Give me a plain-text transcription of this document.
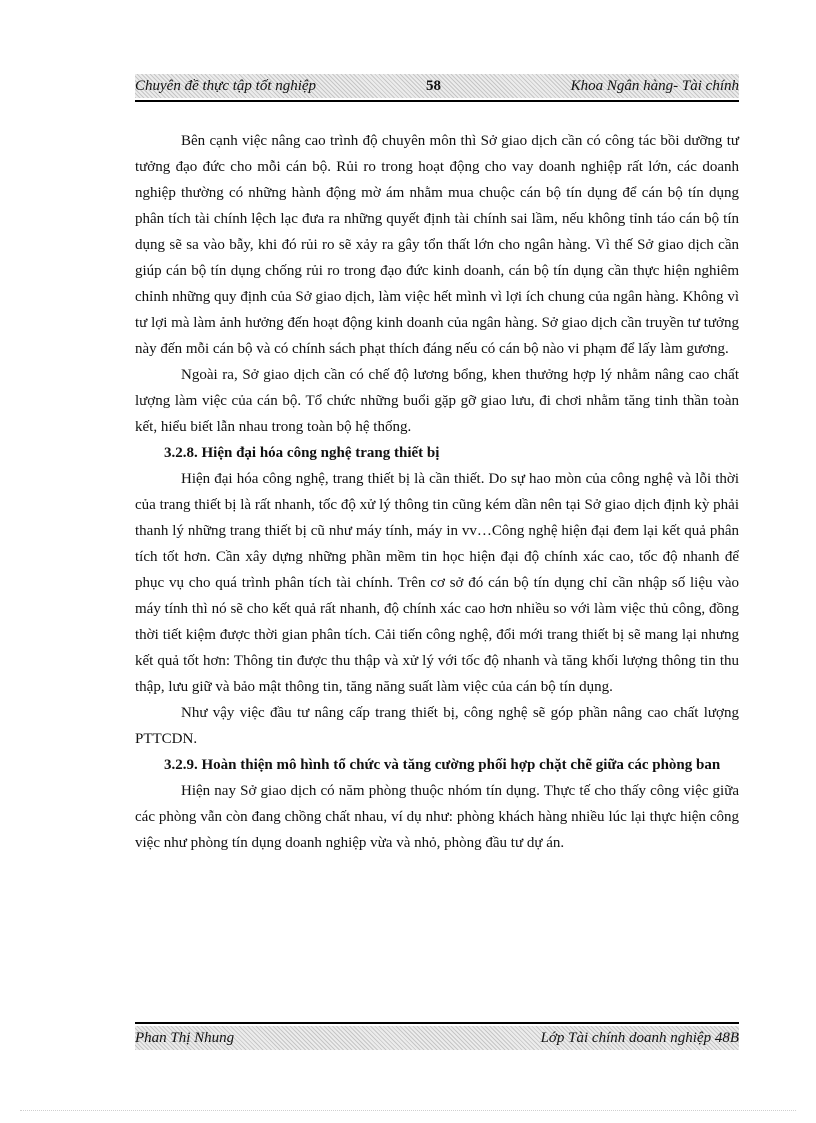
Chuyên đề thực tập tốt nghiệp	58	Khoa Ngân hàng- Tài chính

Bên cạnh việc nâng cao trình độ chuyên môn thì Sở giao dịch cần có công tác bồi dưỡng tư tưởng đạo đức cho mỗi cán bộ. Rủi ro trong hoạt động cho vay doanh nghiệp rất lớn, các doanh nghiệp thường có những hành động mờ ám nhằm mua chuộc cán bộ tín dụng để cán bộ tín dụng phân tích tài chính lệch lạc đưa ra những quyết định tài chính sai lầm, nếu không tỉnh táo cán bộ tín dụng sẽ sa vào bẫy, khi đó rủi ro sẽ xảy ra gây tổn thất lớn cho ngân hàng. Vì thế Sở giao dịch cần giúp cán bộ tín dụng chống rủi ro trong đạo đức kinh doanh, cán bộ tín dụng cần thực hiện nghiêm chỉnh những quy định của Sở giao dịch, làm việc hết mình vì lợi ích chung của ngân hàng. Không vì tư lợi mà làm ảnh hưởng đến hoạt động kinh doanh của ngân hàng. Sở giao dịch cần truyền tư tưởng này đến mỗi cán bộ và có chính sách phạt thích đáng nếu có cán bộ nào vi phạm để lấy làm gương.

Ngoài ra, Sở giao dịch cần có chế độ lương bổng, khen thưởng hợp lý nhằm nâng cao chất lượng làm việc của cán bộ. Tổ chức những buổi gặp gỡ giao lưu, đi chơi nhằm tăng tinh thần toàn kết, hiểu biết lẫn nhau trong toàn bộ hệ thống.

3.2.8. Hiện đại hóa công nghệ trang thiết bị

Hiện đại hóa công nghệ, trang thiết bị là cần thiết. Do sự hao mòn của công nghệ và lỗi thời của trang thiết bị là rất nhanh, tốc độ xử lý thông tin cũng kém dần nên tại Sở giao dịch định kỳ phải thanh lý những trang thiết bị cũ như máy tính, máy in vv…Công nghệ hiện đại đem lại kết quả phân tích tốt hơn. Cần xây dựng những phần mềm tin học hiện đại độ chính xác cao, tốc độ nhanh để phục vụ cho quá trình phân tích tài chính. Trên cơ sở đó cán bộ tín dụng chỉ cần nhập số liệu vào máy tính thì nó sẽ cho kết quả rất nhanh, độ chính xác cao hơn nhiều so với làm việc thủ công, đồng thời tiết kiệm được thời gian phân tích. Cải tiến công nghệ, đổi mới trang thiết bị sẽ mang lại nhưng kết quả tốt hơn: Thông tin được thu thập và xử lý với tốc độ nhanh và tăng khối lượng thông tin thu thập, lưu giữ và bảo mật thông tin, tăng năng suất làm việc của cán bộ tín dụng.

Như vậy việc đầu tư nâng cấp trang thiết bị, công nghệ sẽ góp phần nâng cao chất lượng PTTCDN.

3.2.9. Hoàn thiện mô hình tổ chức và tăng cường phối hợp chặt chẽ giữa các phòng ban

Hiện nay Sở giao dịch có năm phòng thuộc nhóm tín dụng. Thực tế cho thấy công việc giữa các phòng vẫn còn đang chồng chất nhau, ví dụ như: phòng khách hàng nhiều lúc lại thực hiện công việc như phòng tín dụng doanh nghiệp vừa và nhỏ, phòng đầu tư dự án.

Phan Thị Nhung	Lớp Tài chính doanh nghiệp 48B
